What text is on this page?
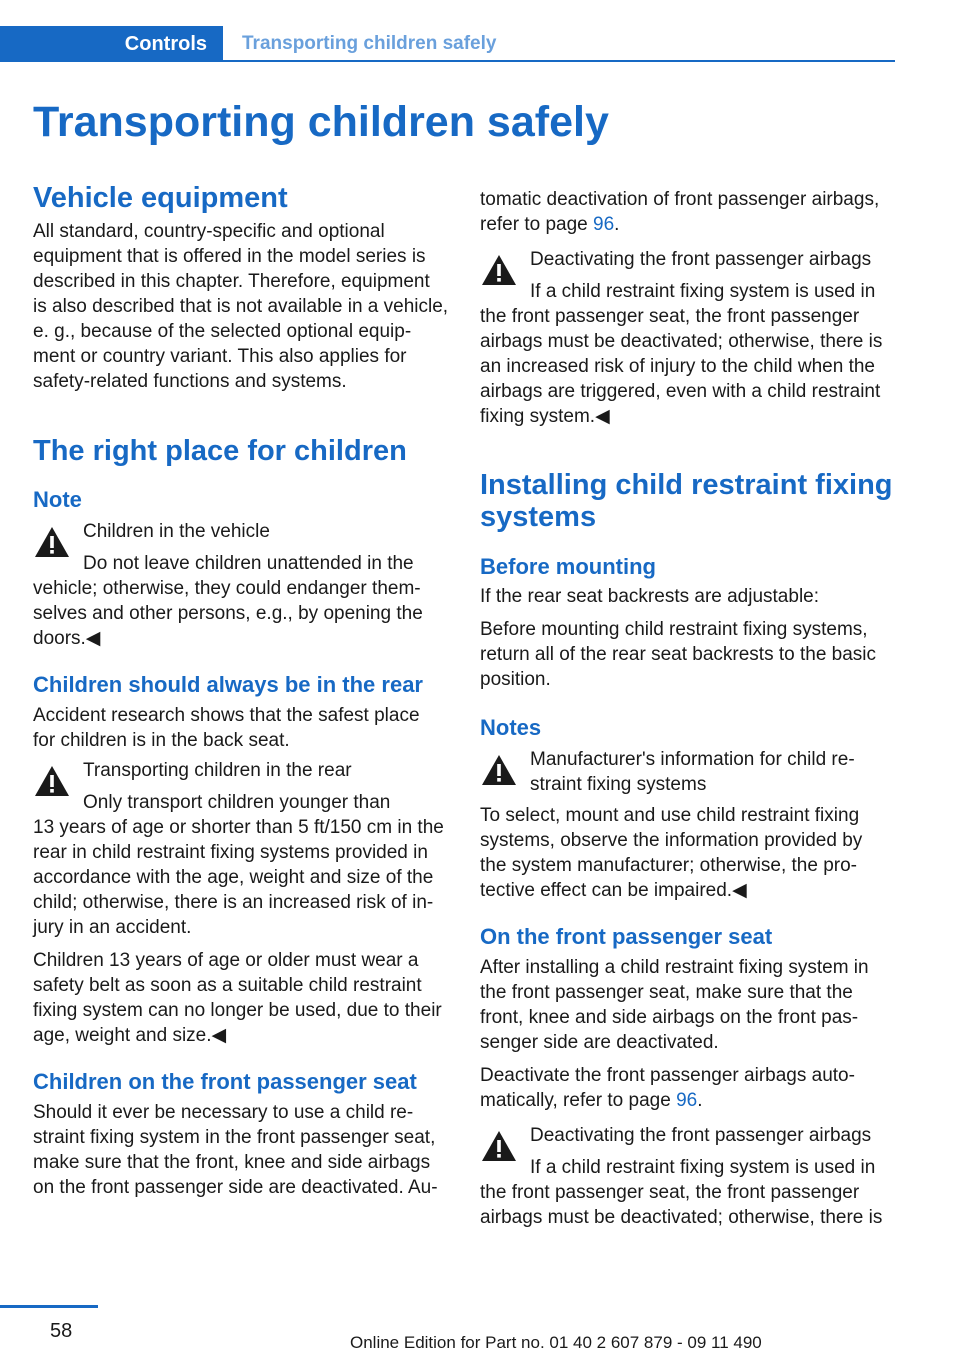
Controls Transporting children safely
Transporting children safely
Vehicle equipment

All standard, country-specific and optional

equipment that is offered in the model series is

described in this chapter. Therefore, equipment

is also described that is not available in a vehicle,

e. g., because of the selected optional equip-

ment or country variant. This also applies for

safety-related functions and systems.

The right place for children
Note
Children in the vehicle
Do not leave children unattended in the

vehicle; otherwise, they could endanger them-

selves and other persons, e.g., by opening the

doors.◀

Children should always be in the rear

Accident research shows that the safest place

for children is in the back seat.

Transporting children in the rear
Only transport children younger than

13 years of age or shorter than 5 ft/150 cm in the

rear in child restraint fixing systems provided in

accordance with the age, weight and size of the

child; otherwise, there is an increased risk of in-

jury in an accident.

Children 13 years of age or older must wear a

safety belt as soon as a suitable child restraint

fixing system can no longer be used, due to their

age, weight and size.◀

Children on the front passenger seat

Should it ever be necessary to use a child re-

straint fixing system in the front passenger seat,

make sure that the front, knee and side airbags

on the front passenger side are deactivated. Au-

tomatic deactivation of front passenger airbags,

refer to page 96.

Deactivating the front passenger airbags
If a child restraint fixing system is used in

the front passenger seat, the front passenger

airbags must be deactivated; otherwise, there is

an increased risk of injury to the child when the

airbags are triggered, even with a child restraint

fixing system.◀

Installing child restraint fixing
systems
Before mounting

If the rear seat backrests are adjustable:

Before mounting child restraint fixing systems,

return all of the rear seat backrests to the basic

position.

Notes
Manufacturer's information for child re-
straint fixing systems

To select, mount and use child restraint fixing

systems, observe the information provided by

the system manufacturer; otherwise, the pro-

tective effect can be impaired.◀

On the front passenger seat

After installing a child restraint fixing system in

the front passenger seat, make sure that the

front, knee and side airbags on the front pas-

senger side are deactivated.

Deactivate the front passenger airbags auto-

matically, refer to page 96.

Deactivating the front passenger airbags
If a child restraint fixing system is used in

the front passenger seat, the front passenger

airbags must be deactivated; otherwise, there is

58
Online Edition for Part no. 01 40 2 607 879 - 09 11 490
